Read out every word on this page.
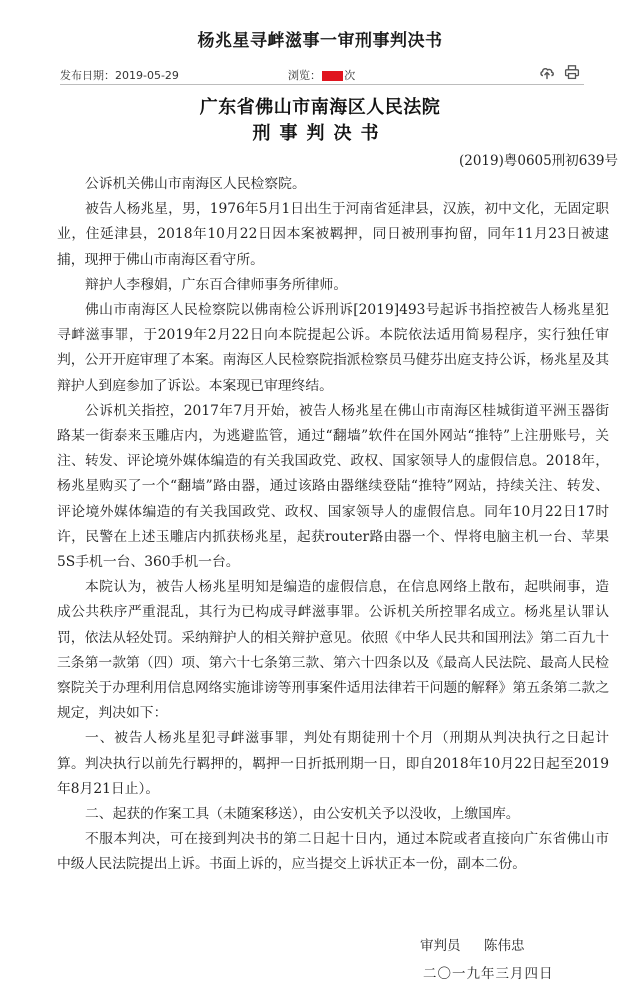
杨兆星寻衅滋事一审刑事判决书
发布日期：2019-05-29	浏览： 000 次

广东省佛山市南海区人民法院
刑事判决书
(2019)粤0605刑初639号

公诉机关佛山市南海区人民检察院。

被告人杨兆星，男，1976年5月1日出生于河南省延津县，汉族，初中文化，无固定职业，住延津县，2018年10月22日因本案被羁押，同日被刑事拘留，同年11月23日被逮捕，现押于佛山市南海区看守所。

辩护人李穆娟，广东百合律师事务所律师。

佛山市南海区人民检察院以佛南检公诉刑诉[2019]493号起诉书指控被告人杨兆星犯寻衅滋事罪，于2019年2月22日向本院提起公诉。本院依法适用简易程序，实行独任审判，公开开庭审理了本案。南海区人民检察院指派检察员马健芬出庭支持公诉，杨兆星及其辩护人到庭参加了诉讼。本案现已审理终结。

公诉机关指控，2017年7月开始，被告人杨兆星在佛山市南海区桂城街道平洲玉器街路某一街泰来玉雕店内，为逃避监管，通过“翻墙”软件在国外网站“推特”上注册账号，关注、转发、评论境外媒体编造的有关我国政党、政权、国家领导人的虚假信息。2018年，杨兆星购买了一个“翻墙”路由器，通过该路由器继续登陆“推特”网站，持续关注、转发、评论境外媒体编造的有关我国政党、政权、国家领导人的虚假信息。同年10月22日17时许，民警在上述玉雕店内抓获杨兆星，起获router路由器一个、悍将电脑主机一台、苹果5S手机一台、360手机一台。

本院认为，被告人杨兆星明知是编造的虚假信息，在信息网络上散布，起哄闹事，造成公共秩序严重混乱，其行为已构成寻衅滋事罪。公诉机关所控罪名成立。杨兆星认罪认罚，依法从轻处罚。采纳辩护人的相关辩护意见。依照《中华人民共和国刑法》第二百九十三条第一款第（四）项、第六十七条第三款、第六十四条以及《最高人民法院、最高人民检察院关于办理利用信息网络实施诽谤等刑事案件适用法律若干问题的解释》第五条第二款之规定，判决如下：

一、被告人杨兆星犯寻衅滋事罪，判处有期徒刑十个月（刑期从判决执行之日起计算。判决执行以前先行羁押的，羁押一日折抵刑期一日，即自2018年10月22日起至2019年8月21日止）。

二、起获的作案工具（未随案移送），由公安机关予以没收，上缴国库。

不服本判决，可在接到判决书的第二日起十日内，通过本院或者直接向广东省佛山市中级人民法院提出上诉。书面上诉的，应当提交上诉状正本一份，副本二份。

审判员 陈伟忠
二〇一九年三月四日
